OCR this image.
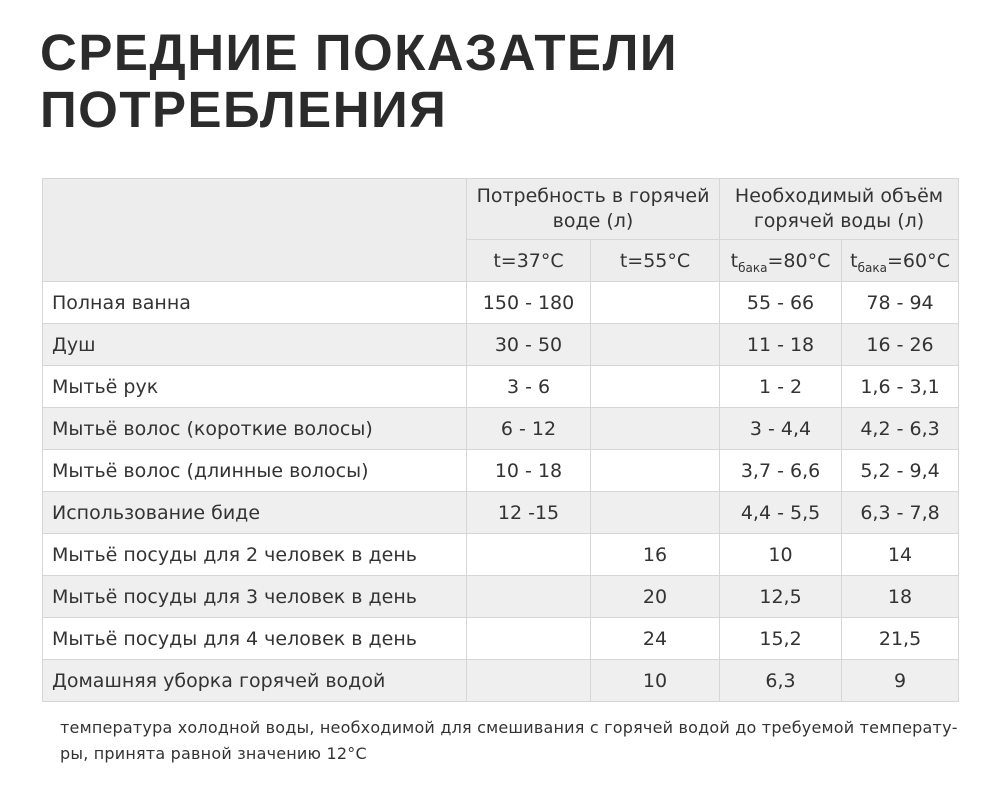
СРЕДНИЕ ПОКАЗАТЕЛИ
ПОТРЕБЛЕНИЯ
	Потребность в горячей воде (л)		Необходимый объём горячей воды (л)	
	t=37°C	t=55°C	$t_{бака}=80^\circ C$	$t_{бака}=60^\circ C$
Полная ванна	150 - 180		55 - 66	78 - 94
Душ	30 - 50		11 - 18	16 - 26
Мытьё рук	3 - 6		1 - 2	1,6 - 3,1
Мытьё волос (короткие волосы)	6 - 12		3 - 4,4	4,2 - 6,3
Мытьё волос (длинные волосы)	10 - 18		3,7 - 6,6	5,2 - 9,4
Использование биде	12 -15		4,4 - 5,5	6,3 - 7,8
Мытьё посуды для 2 человек в день		16	10	14
Мытьё посуды для 3 человек в день		20	12,5	18
Мытьё посуды для 4 человек в день		24	15,2	21,5
Домашняя уборка горячей водой		10	6,3	9

температура холодной воды, необходимой для смешивания с горячей водой до требуемой температу-
ры, принята равной значению 12°C
